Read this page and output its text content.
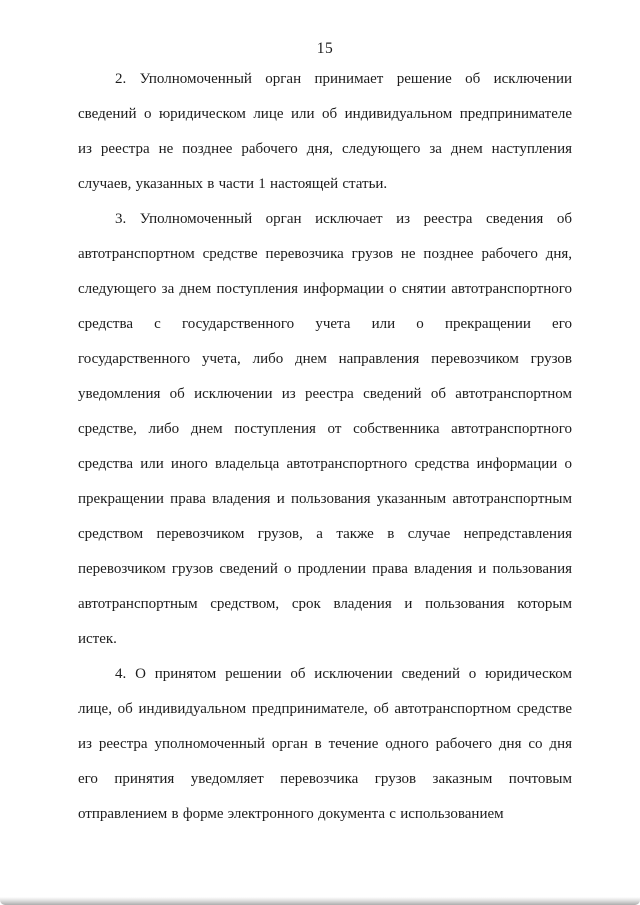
15
2. Уполномоченный орган принимает решение об исключении
сведений о юридическом лице или об индивидуальном предпринимателе
из реестра не позднее рабочего дня, следующего за днем наступления
случаев, указанных в части 1 настоящей статьи.
3. Уполномоченный орган исключает из реестра сведения об
автотранспортном средстве перевозчика грузов не позднее рабочего дня,
следующего за днем поступления информации о снятии автотранспортного
средства с государственного учета или о прекращении его
государственного учета, либо днем направления перевозчиком грузов
уведомления об исключении из реестра сведений об автотранспортном
средстве, либо днем поступления от собственника автотранспортного
средства или иного владельца автотранспортного средства информации о
прекращении права владения и пользования указанным автотранспортным
средством перевозчиком грузов, а также в случае непредставления
перевозчиком грузов сведений о продлении права владения и пользования
автотранспортным средством, срок владения и пользования которым
истек.
4. О принятом решении об исключении сведений о юридическом
лице, об индивидуальном предпринимателе, об автотранспортном средстве
из реестра уполномоченный орган в течение одного рабочего дня со дня
его принятия уведомляет перевозчика грузов заказным почтовым
отправлением в форме электронного документа с использованием
